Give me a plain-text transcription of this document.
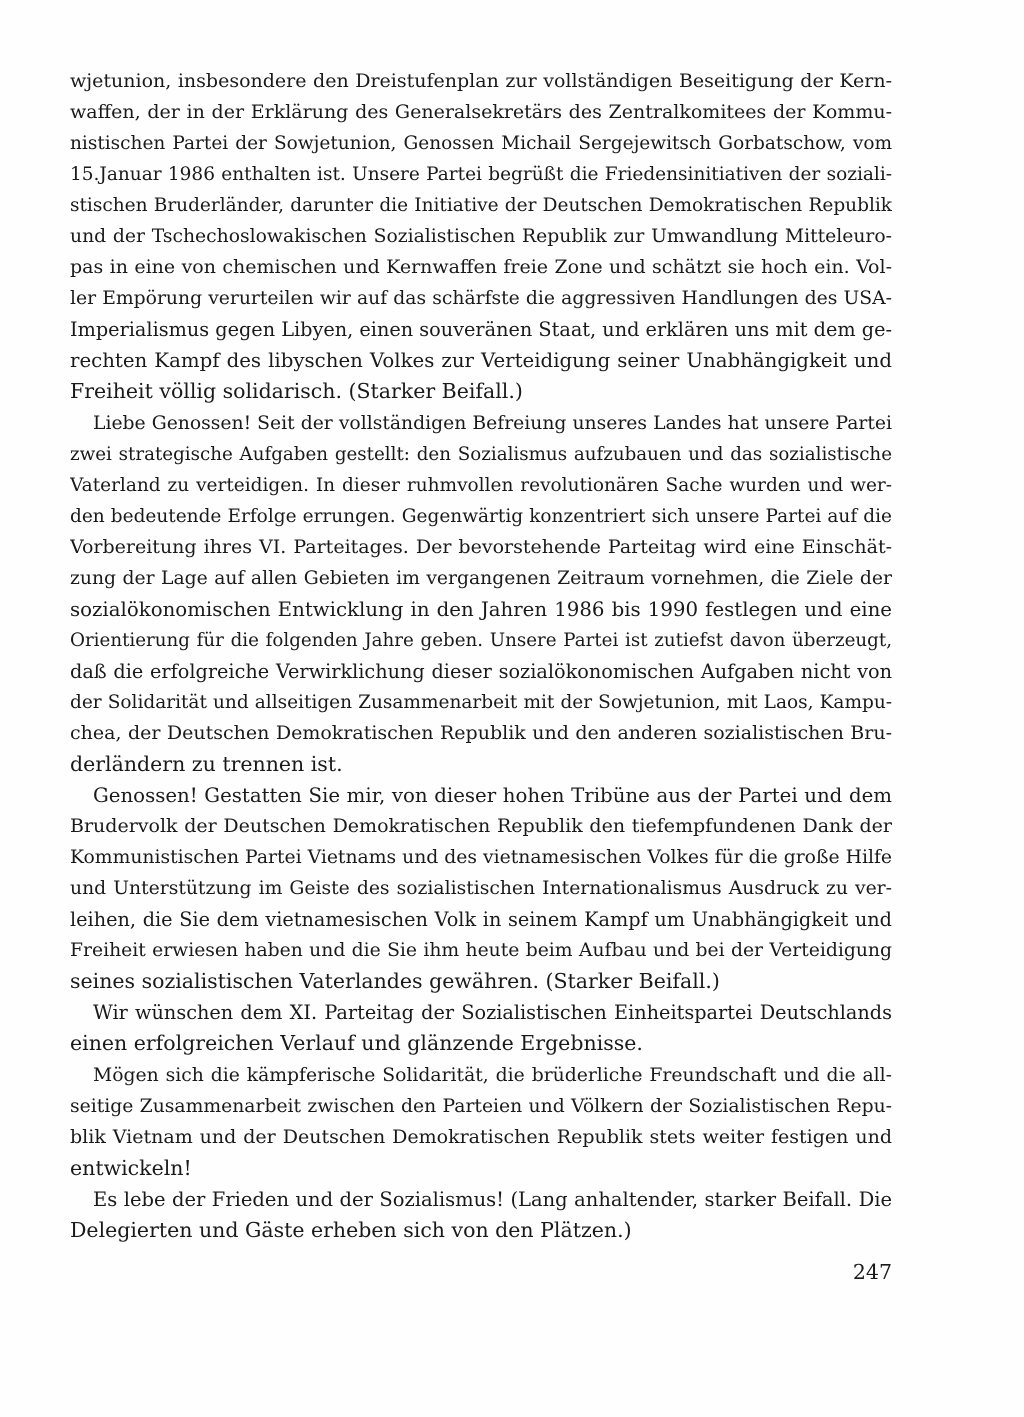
wjetunion, insbesondere den Dreistufenplan zur vollständigen Beseitigung der Kern-
waffen, der in der Erklärung des Generalsekretärs des Zentralkomitees der Kommu-
nistischen Partei der Sowjetunion, Genossen Michail Sergejewitsch Gorbatschow, vom
15.Januar 1986 enthalten ist. Unsere Partei begrüßt die Friedensinitiativen der soziali-
stischen Bruderländer, darunter die Initiative der Deutschen Demokratischen Republik
und der Tschechoslowakischen Sozialistischen Republik zur Umwandlung Mitteleuro-
pas in eine von chemischen und Kernwaffen freie Zone und schätzt sie hoch ein. Vol-
ler Empörung verurteilen wir auf das schärfste die aggressiven Handlungen des USA-
Imperialismus gegen Libyen, einen souveränen Staat, und erklären uns mit dem ge-
rechten Kampf des libyschen Volkes zur Verteidigung seiner Unabhängigkeit und
Freiheit völlig solidarisch. (Starker Beifall.)
Liebe Genossen! Seit der vollständigen Befreiung unseres Landes hat unsere Partei
zwei strategische Aufgaben gestellt: den Sozialismus aufzubauen und das sozialistische
Vaterland zu verteidigen. In dieser ruhmvollen revolutionären Sache wurden und wer-
den bedeutende Erfolge errungen. Gegenwärtig konzentriert sich unsere Partei auf die
Vorbereitung ihres VI. Parteitages. Der bevorstehende Parteitag wird eine Einschät-
zung der Lage auf allen Gebieten im vergangenen Zeitraum vornehmen, die Ziele der
sozialökonomischen Entwicklung in den Jahren 1986 bis 1990 festlegen und eine
Orientierung für die folgenden Jahre geben. Unsere Partei ist zutiefst davon überzeugt,
daß die erfolgreiche Verwirklichung dieser sozialökonomischen Aufgaben nicht von
der Solidarität und allseitigen Zusammenarbeit mit der Sowjetunion, mit Laos, Kampu-
chea, der Deutschen Demokratischen Republik und den anderen sozialistischen Bru-
derländern zu trennen ist.
Genossen! Gestatten Sie mir, von dieser hohen Tribüne aus der Partei und dem
Brudervolk der Deutschen Demokratischen Republik den tiefempfundenen Dank der
Kommunistischen Partei Vietnams und des vietnamesischen Volkes für die große Hilfe
und Unterstützung im Geiste des sozialistischen Internationalismus Ausdruck zu ver-
leihen, die Sie dem vietnamesischen Volk in seinem Kampf um Unabhängigkeit und
Freiheit erwiesen haben und die Sie ihm heute beim Aufbau und bei der Verteidigung
seines sozialistischen Vaterlandes gewähren. (Starker Beifall.)
Wir wünschen dem XI. Parteitag der Sozialistischen Einheitspartei Deutschlands
einen erfolgreichen Verlauf und glänzende Ergebnisse.
Mögen sich die kämpferische Solidarität, die brüderliche Freundschaft und die all-
seitige Zusammenarbeit zwischen den Parteien und Völkern der Sozialistischen Repu-
blik Vietnam und der Deutschen Demokratischen Republik stets weiter festigen und
entwickeln!
Es lebe der Frieden und der Sozialismus! (Lang anhaltender, starker Beifall. Die
Delegierten und Gäste erheben sich von den Plätzen.)
247
